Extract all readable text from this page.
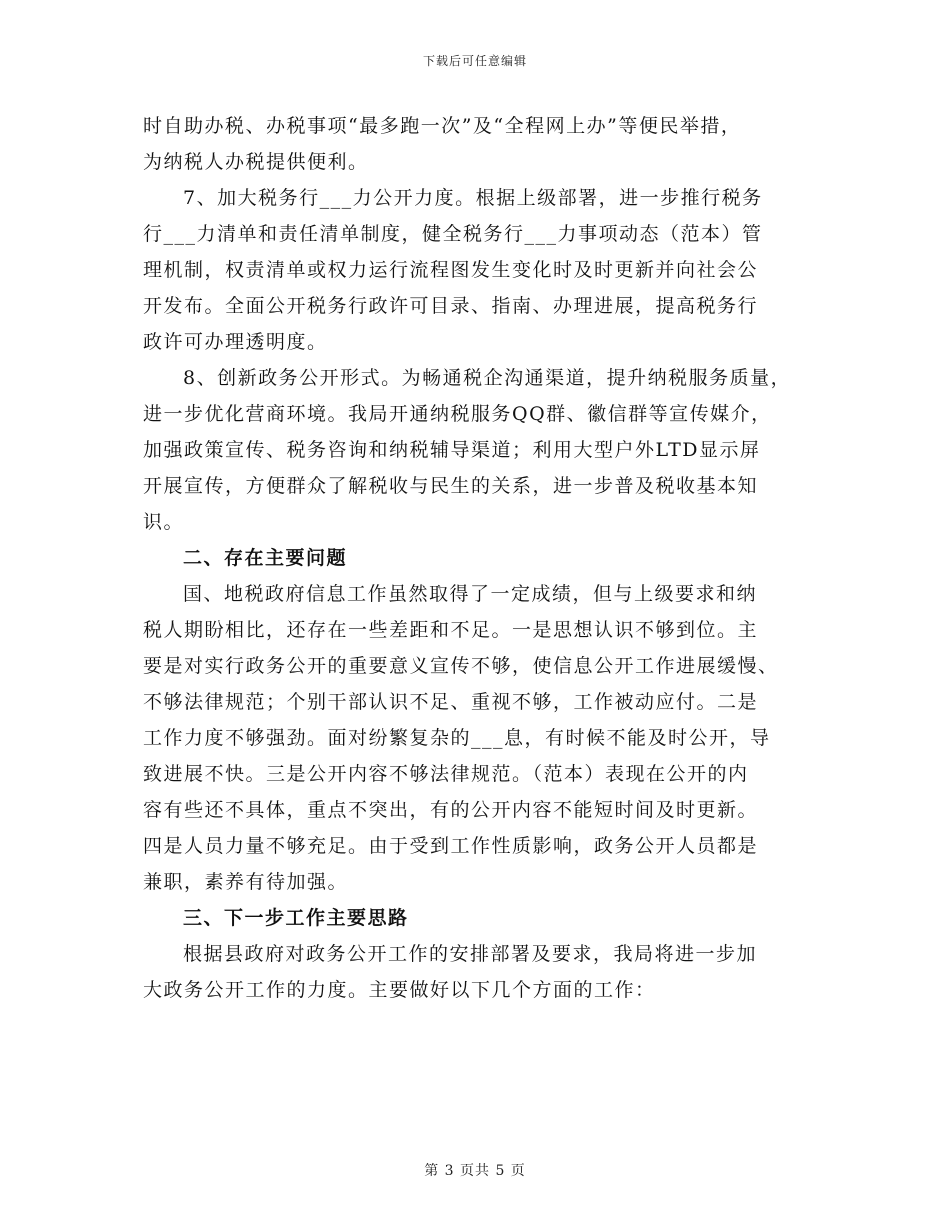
下载后可任意编辑
时自助办税、办税事项“最多跑一次”及“全程网上办”等便民举措，
为纳税人办税提供便利。
7、加大税务行___力公开力度。根据上级部署，进一步推行税务
行___力清单和责任清单制度，健全税务行___力事项动态（范本）管
理机制，权责清单或权力运行流程图发生变化时及时更新并向社会公
开发布。全面公开税务行政许可目录、指南、办理进展，提高税务行
政许可办理透明度。
8、创新政务公开形式。为畅通税企沟通渠道，提升纳税服务质量，
进一步优化营商环境。我局开通纳税服务QQ群、徽信群等宣传媒介，
加强政策宣传、税务咨询和纳税辅导渠道；利用大型户外LTD显示屏
开展宣传，方便群众了解税收与民生的关系，进一步普及税收基本知
识。
二、存在主要问题
国、地税政府信息工作虽然取得了一定成绩，但与上级要求和纳
税人期盼相比，还存在一些差距和不足。一是思想认识不够到位。主
要是对实行政务公开的重要意义宣传不够，使信息公开工作进展缓慢、
不够法律规范；个别干部认识不足、重视不够，工作被动应付。二是
工作力度不够强劲。面对纷繁复杂的___息，有时候不能及时公开，导
致进展不快。三是公开内容不够法律规范。（范本）表现在公开的内
容有些还不具体，重点不突出，有的公开内容不能短时间及时更新。
四是人员力量不够充足。由于受到工作性质影响，政务公开人员都是
兼职，素养有待加强。
三、下一步工作主要思路
根据县政府对政务公开工作的安排部署及要求，我局将进一步加
大政务公开工作的力度。主要做好以下几个方面的工作：
第 3 页共 5 页
